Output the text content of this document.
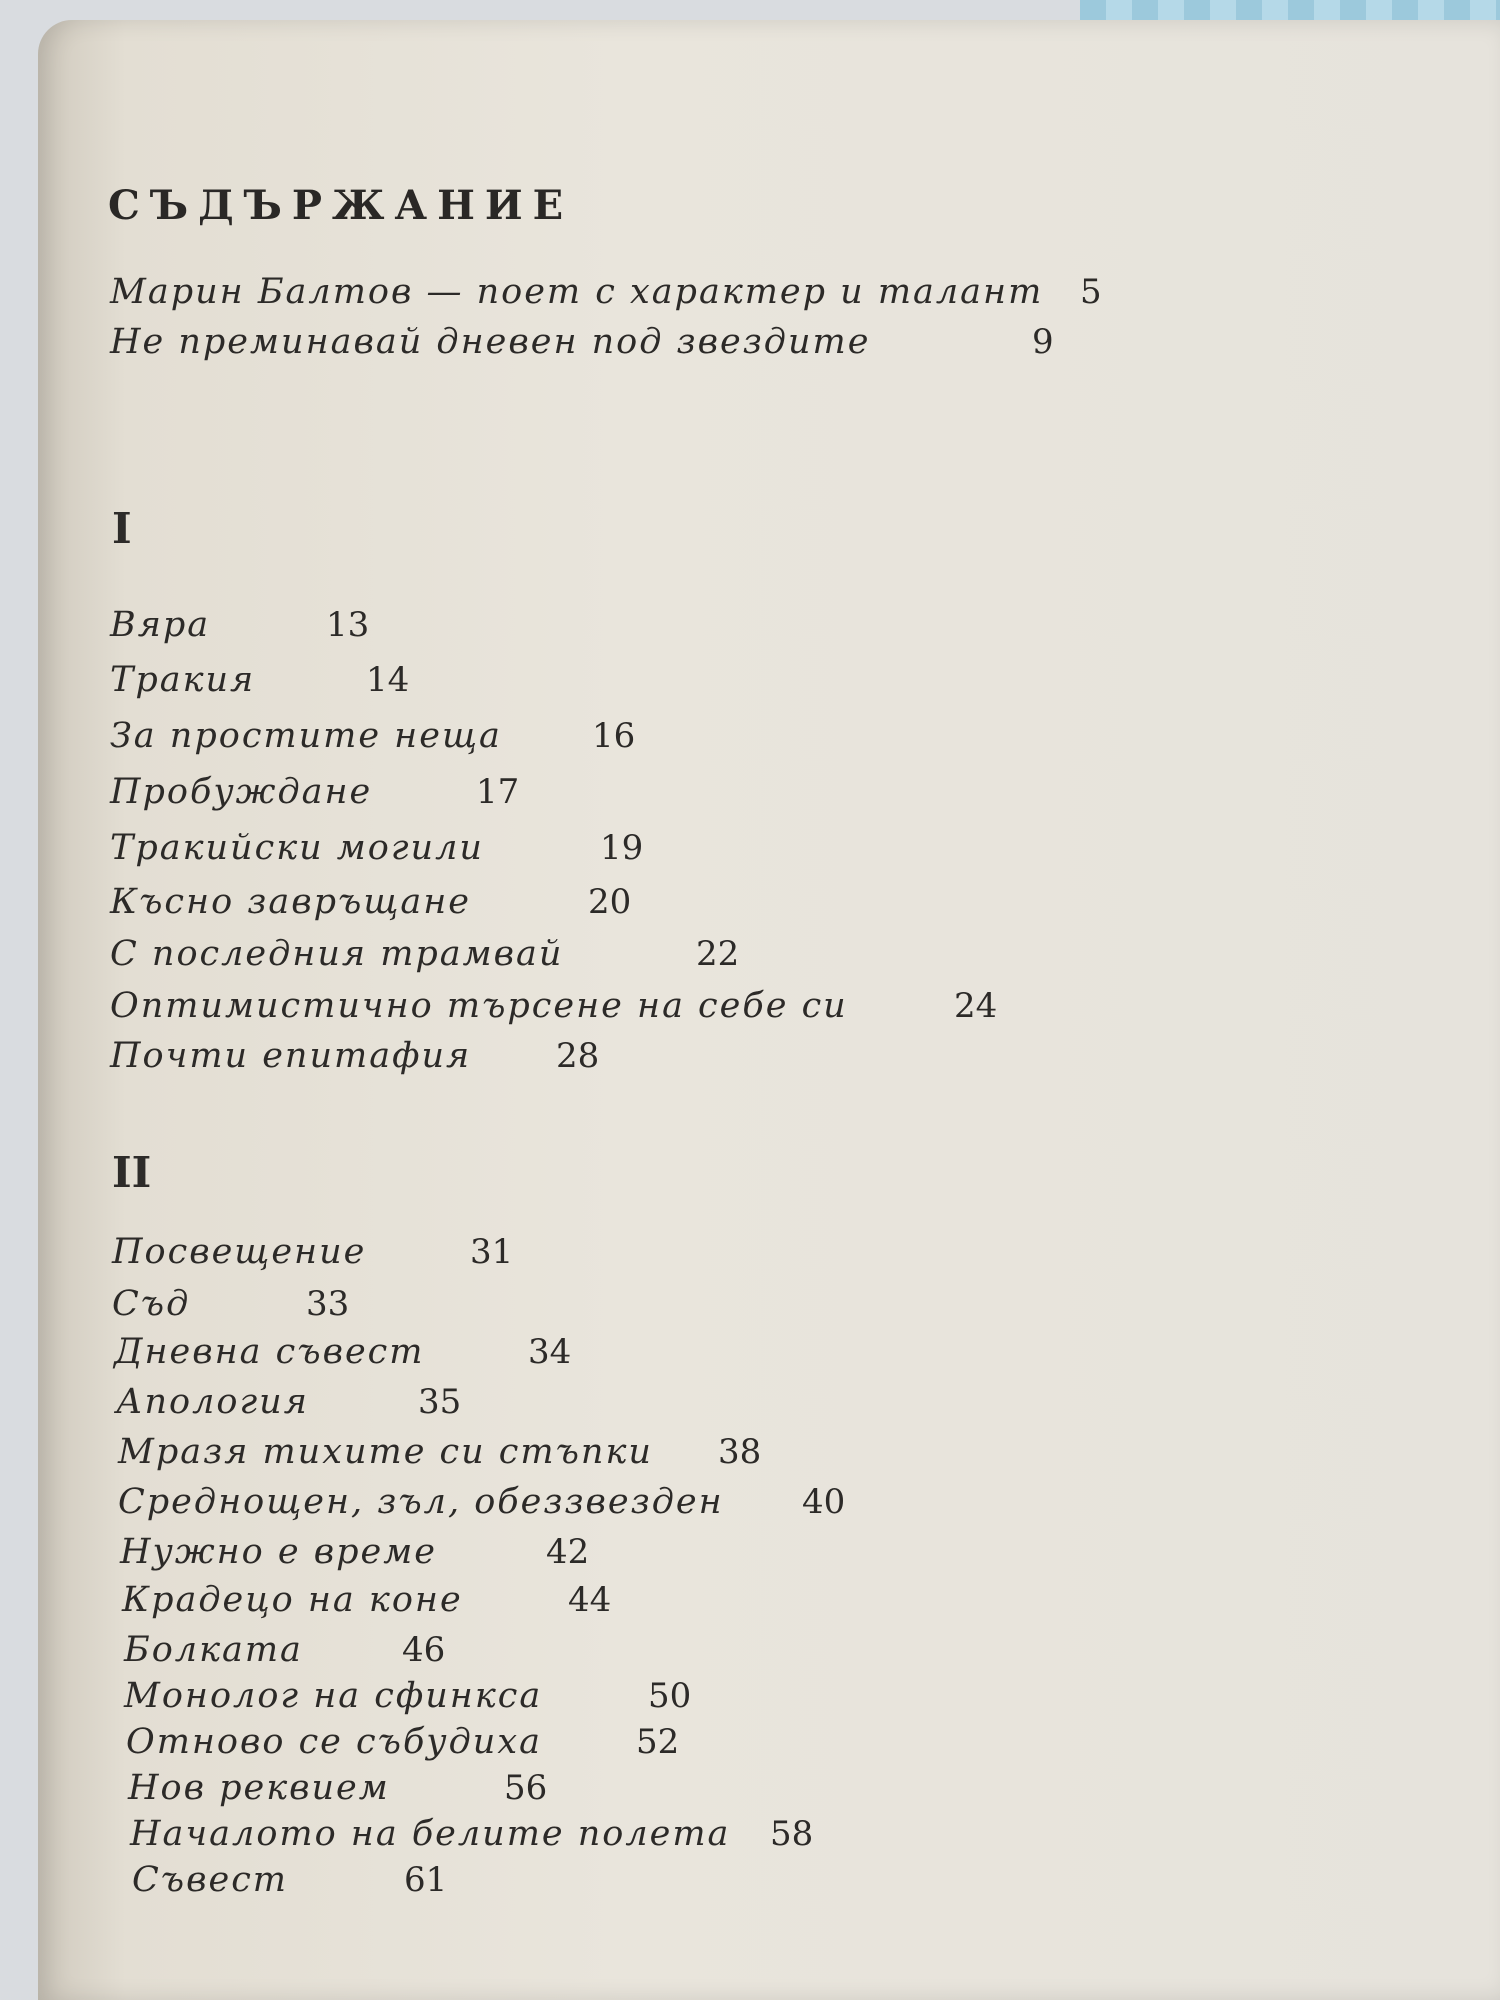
СЪДЪРЖАНИЕ
Марин Балтов — поет с характер и талант 5
Не преминавай дневен под звездите	9
I
Вяра	13
Тракия	14
За простите неща	16
Пробуждане	17
Тракийски могили	19
Късно завръщане	20
С последния трамвай	22
Оптимистично търсене на себе си	24
Почти епитафия 28
II
Посвещение	31
Съд	33
Дневна съвест	34
Апология	35
Мразя тихите си стъпки 38
Среднощен, зъл, обеззвезден 40
Нужно е време	42
Крадецо на коне	44
Болката	46
Монолог на сфинкса	50
Отново се събудиха	52
Нов реквием	56
Началото на белите полета 58
Съвест	61
